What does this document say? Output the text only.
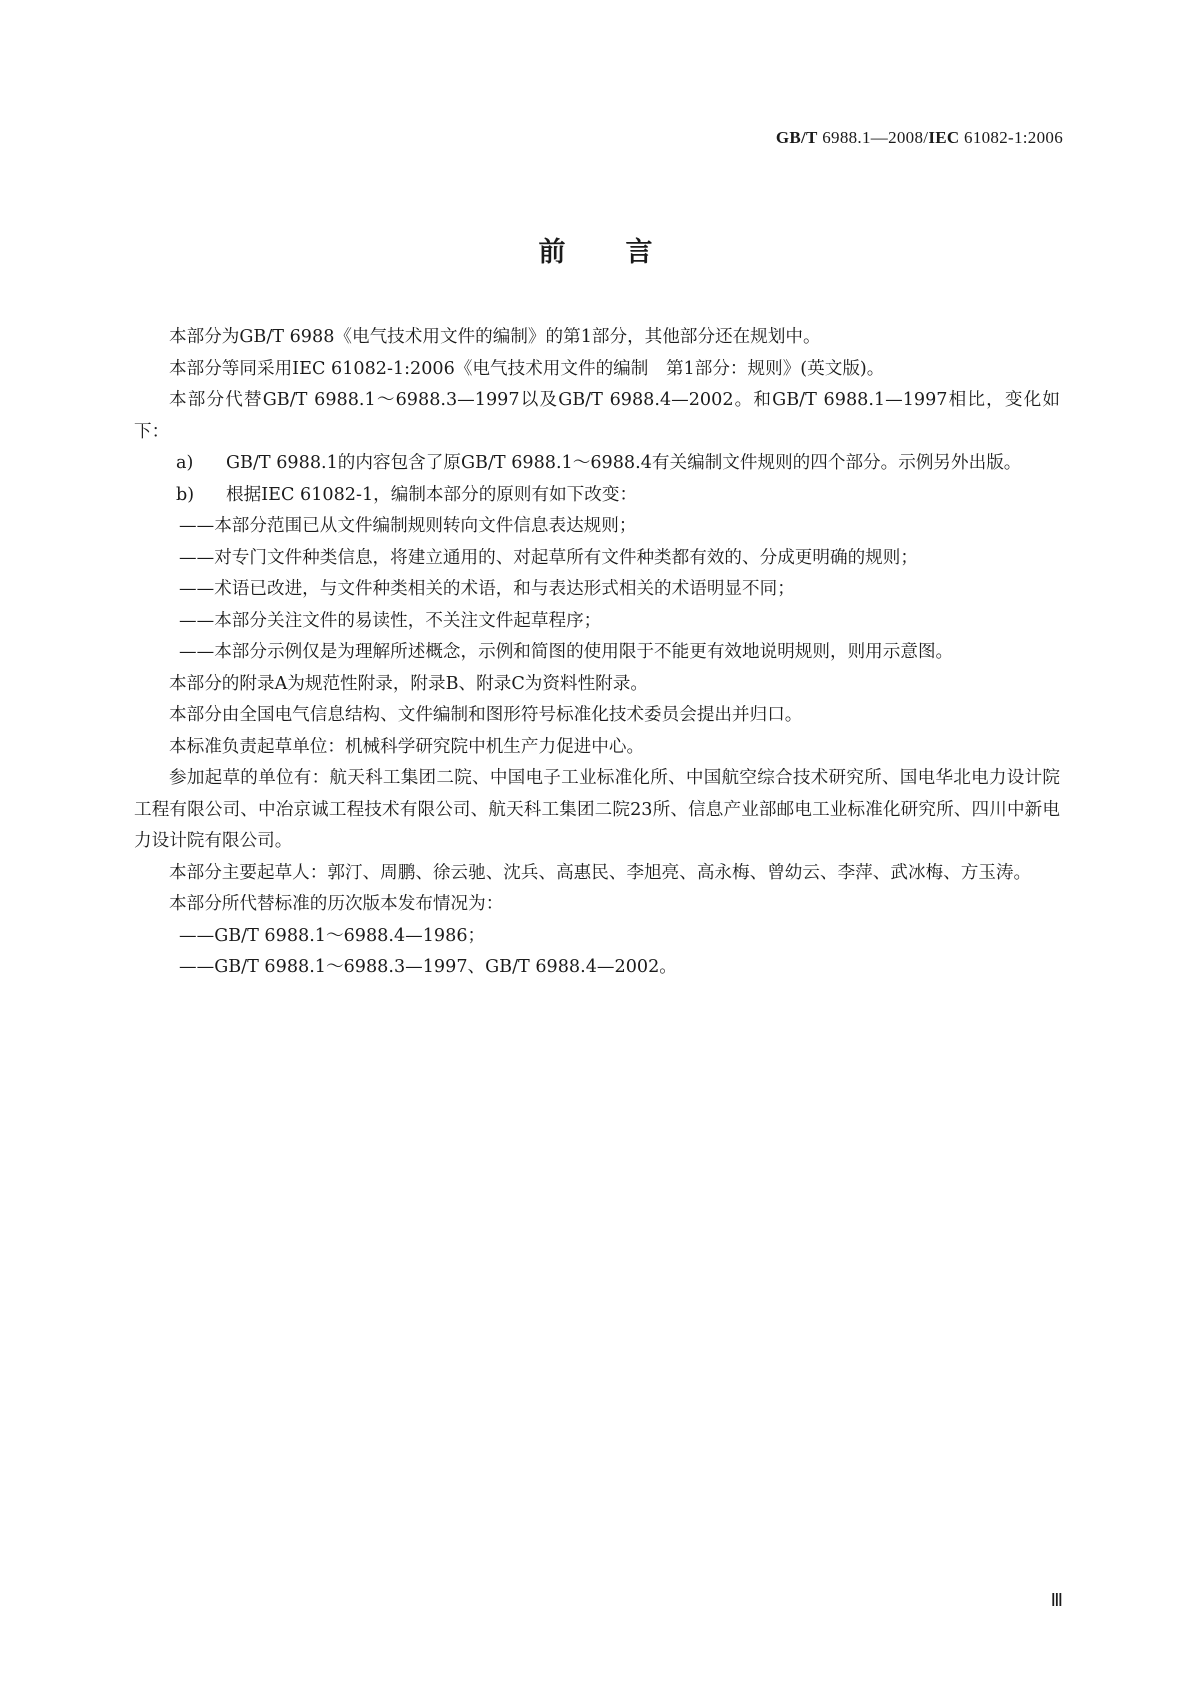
GB/T 6988.1—2008/IEC 61082-1:2006
前言

本部分为GB/T 6988《电气技术用文件的编制》的第1部分，其他部分还在规划中。

本部分等同采用IEC 61082-1:2006《电气技术用文件的编制　第1部分：规则》(英文版)。

本部分代替GB/T 6988.1～6988.3—1997以及GB/T 6988.4—2002。和GB/T 6988.1—1997相比，变化如下：

a) GB/T 6988.1的内容包含了原GB/T 6988.1～6988.4有关编制文件规则的四个部分。示例另外出版。
b) 根据IEC 61082-1，编制本部分的原则有如下改变：

——本部分范围已从文件编制规则转向文件信息表达规则；

——对专门文件种类信息，将建立通用的、对起草所有文件种类都有效的、分成更明确的规则；

——术语已改进，与文件种类相关的术语，和与表达形式相关的术语明显不同；

——本部分关注文件的易读性，不关注文件起草程序；

——本部分示例仅是为理解所述概念，示例和简图的使用限于不能更有效地说明规则，则用示意图。

本部分的附录A为规范性附录，附录B、附录C为资料性附录。

本部分由全国电气信息结构、文件编制和图形符号标准化技术委员会提出并归口。

本标准负责起草单位：机械科学研究院中机生产力促进中心。

参加起草的单位有：航天科工集团二院、中国电子工业标准化所、中国航空综合技术研究所、国电华北电力设计院工程有限公司、中冶京诚工程技术有限公司、航天科工集团二院23所、信息产业部邮电工业标准化研究所、四川中新电力设计院有限公司。

本部分主要起草人：郭汀、周鹏、徐云驰、沈兵、高惠民、李旭亮、高永梅、曾幼云、李萍、武冰梅、方玉涛。

本部分所代替标准的历次版本发布情况为：

——GB/T 6988.1～6988.4—1986；

——GB/T 6988.1～6988.3—1997、GB/T 6988.4—2002。

Ⅲ
